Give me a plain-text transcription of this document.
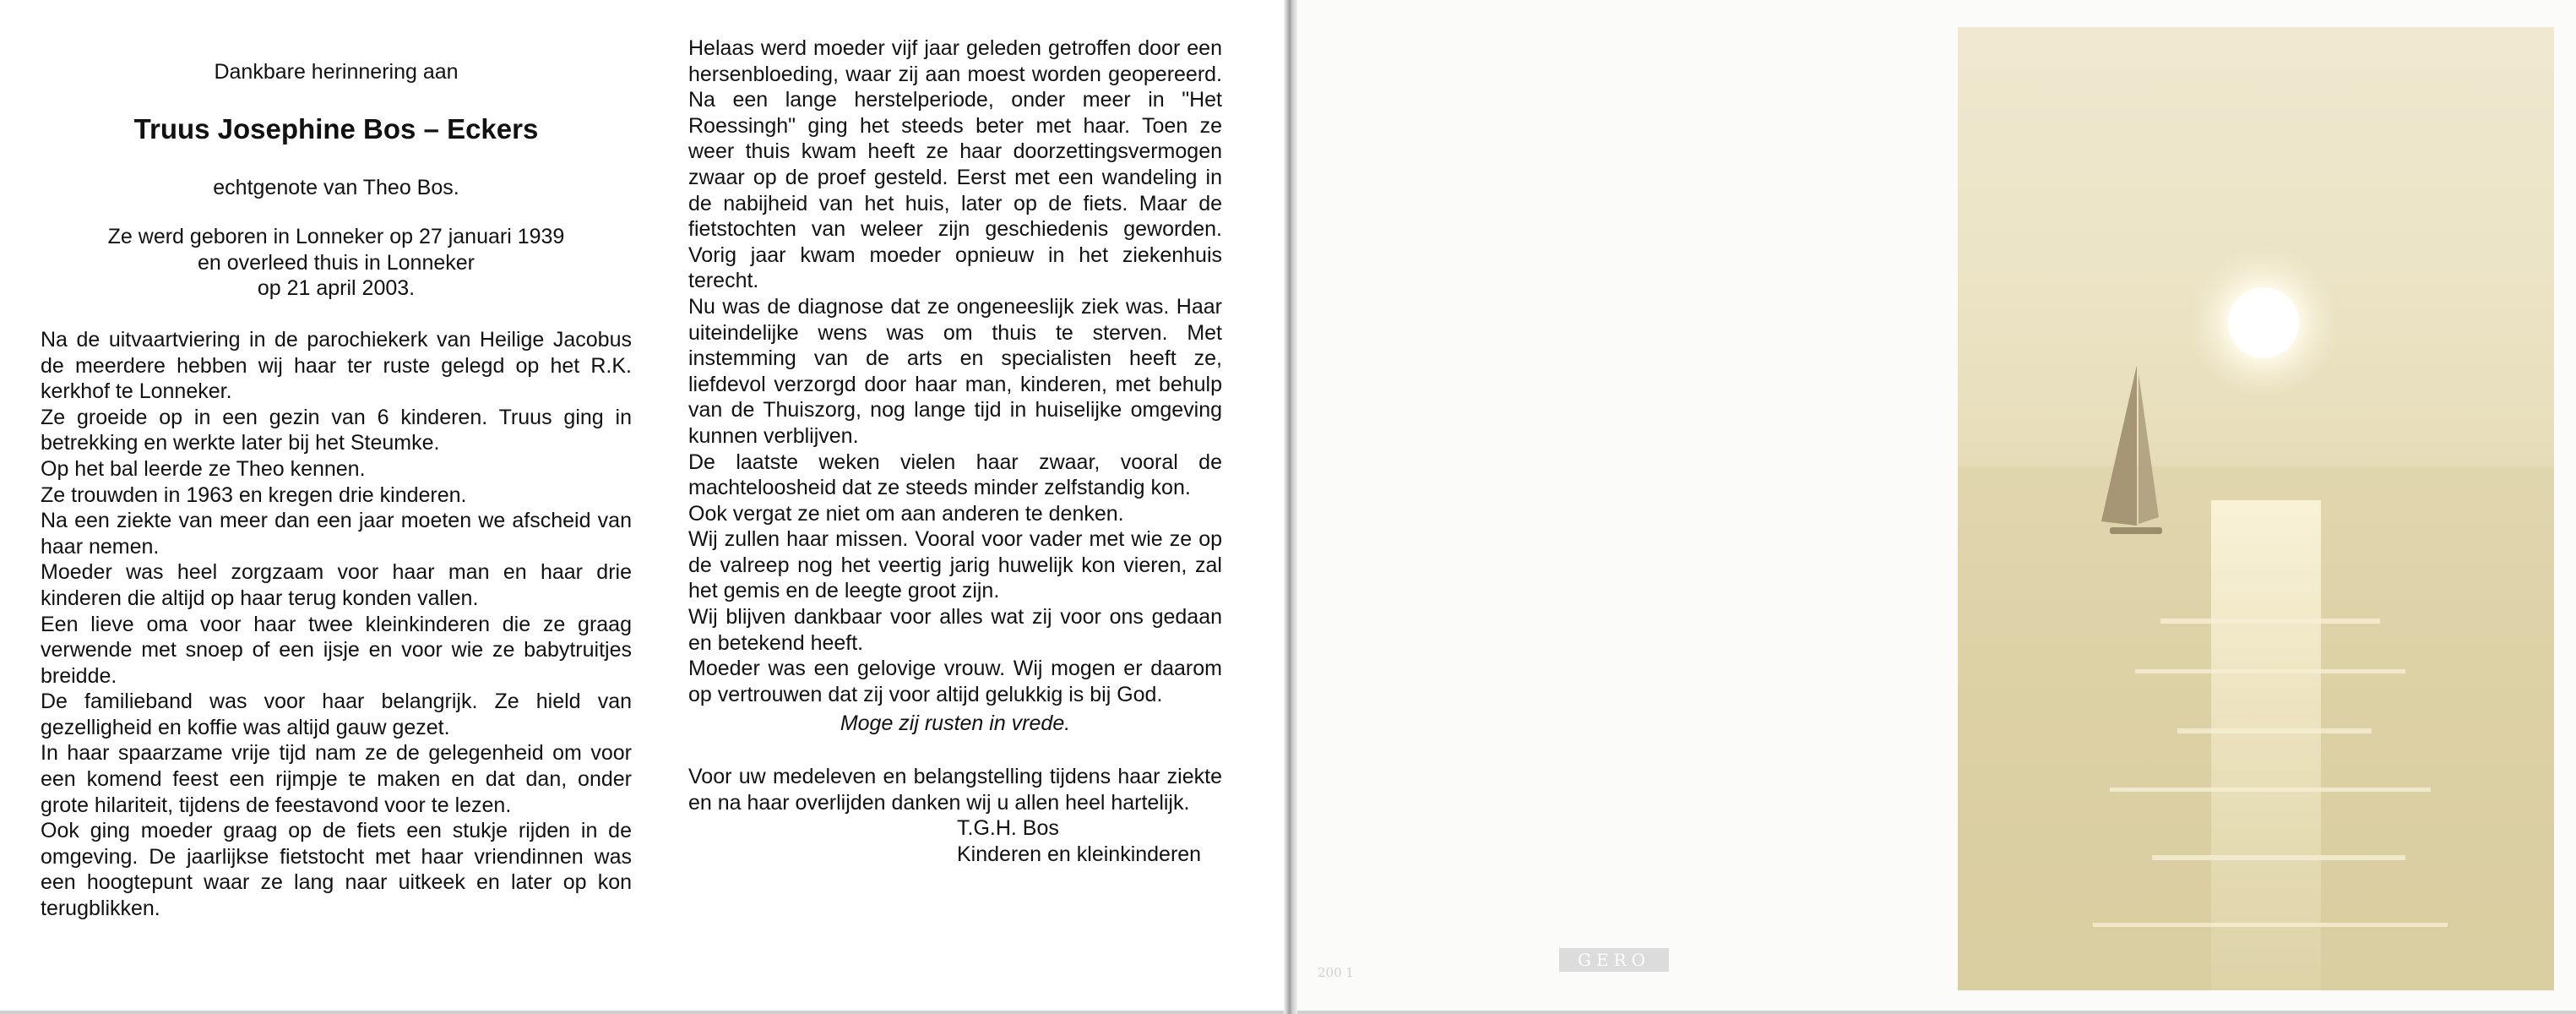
Dankbare herinnering aan

Truus Josephine Bos – Eckers

echtgenote van Theo Bos.

Ze werd geboren in Lonneker op 27 januari 1939
en overleed thuis in Lonneker
op 21 april 2003.

Na de uitvaartviering in de parochiekerk van Heilige Jacobus de meerdere hebben wij haar ter ruste gelegd op het R.K. kerkhof te Lonneker.

Ze groeide op in een gezin van 6 kinderen. Truus ging in betrekking en werkte later bij het Steumke.

Op het bal leerde ze Theo kennen.

Ze trouwden in 1963 en kregen drie kinderen.

Na een ziekte van meer dan een jaar moeten we afscheid van haar nemen.

Moeder was heel zorgzaam voor haar man en haar drie kinderen die altijd op haar terug konden vallen.

Een lieve oma voor haar twee kleinkinderen die ze graag verwende met snoep of een ijsje en voor wie ze babytruitjes breidde.

De familieband was voor haar belangrijk. Ze hield van gezelligheid en koffie was altijd gauw gezet.

In haar spaarzame vrije tijd nam ze de gelegenheid om voor een komend feest een rijmpje te maken en dat dan, onder grote hilariteit, tijdens de feestavond voor te lezen.

Ook ging moeder graag op de fiets een stukje rijden in de omgeving. De jaarlijkse fietstocht met haar vriendinnen was een hoogtepunt waar ze lang naar uitkeek en later op kon terugblikken.

Helaas werd moeder vijf jaar geleden getroffen door een hersenbloeding, waar zij aan moest worden geopereerd. Na een lange herstelperiode, onder meer in "Het Roessingh" ging het steeds beter met haar. Toen ze weer thuis kwam heeft ze haar doorzettingsvermogen zwaar op de proef gesteld. Eerst met een wandeling in de nabijheid van het huis, later op de fiets. Maar de fietstochten van weleer zijn geschiedenis geworden. Vorig jaar kwam moeder opnieuw in het ziekenhuis terecht.

Nu was de diagnose dat ze ongeneeslijk ziek was. Haar uiteindelijke wens was om thuis te sterven. Met instemming van de arts en specialisten heeft ze, liefdevol verzorgd door haar man, kinderen, met behulp van de Thuiszorg, nog lange tijd in huiselijke omgeving kunnen verblijven.

De laatste weken vielen haar zwaar, vooral de machteloosheid dat ze steeds minder zelfstandig kon.

Ook vergat ze niet om aan anderen te denken.

Wij zullen haar missen. Vooral voor vader met wie ze op de valreep nog het veertig jarig huwelijk kon vieren, zal het gemis en de leegte groot zijn.

Wij blijven dankbaar voor alles wat zij voor ons gedaan en betekend heeft.

Moeder was een gelovige vrouw. Wij mogen er daarom op vertrouwen dat zij voor altijd gelukkig is bij God.

Moge zij rusten in vrede.

Voor uw medeleven en belangstelling tijdens haar ziekte en na haar overlijden danken wij u allen heel hartelijk.

T.G.H. Bos
Kinderen en kleinkinderen
200 1
GERO
